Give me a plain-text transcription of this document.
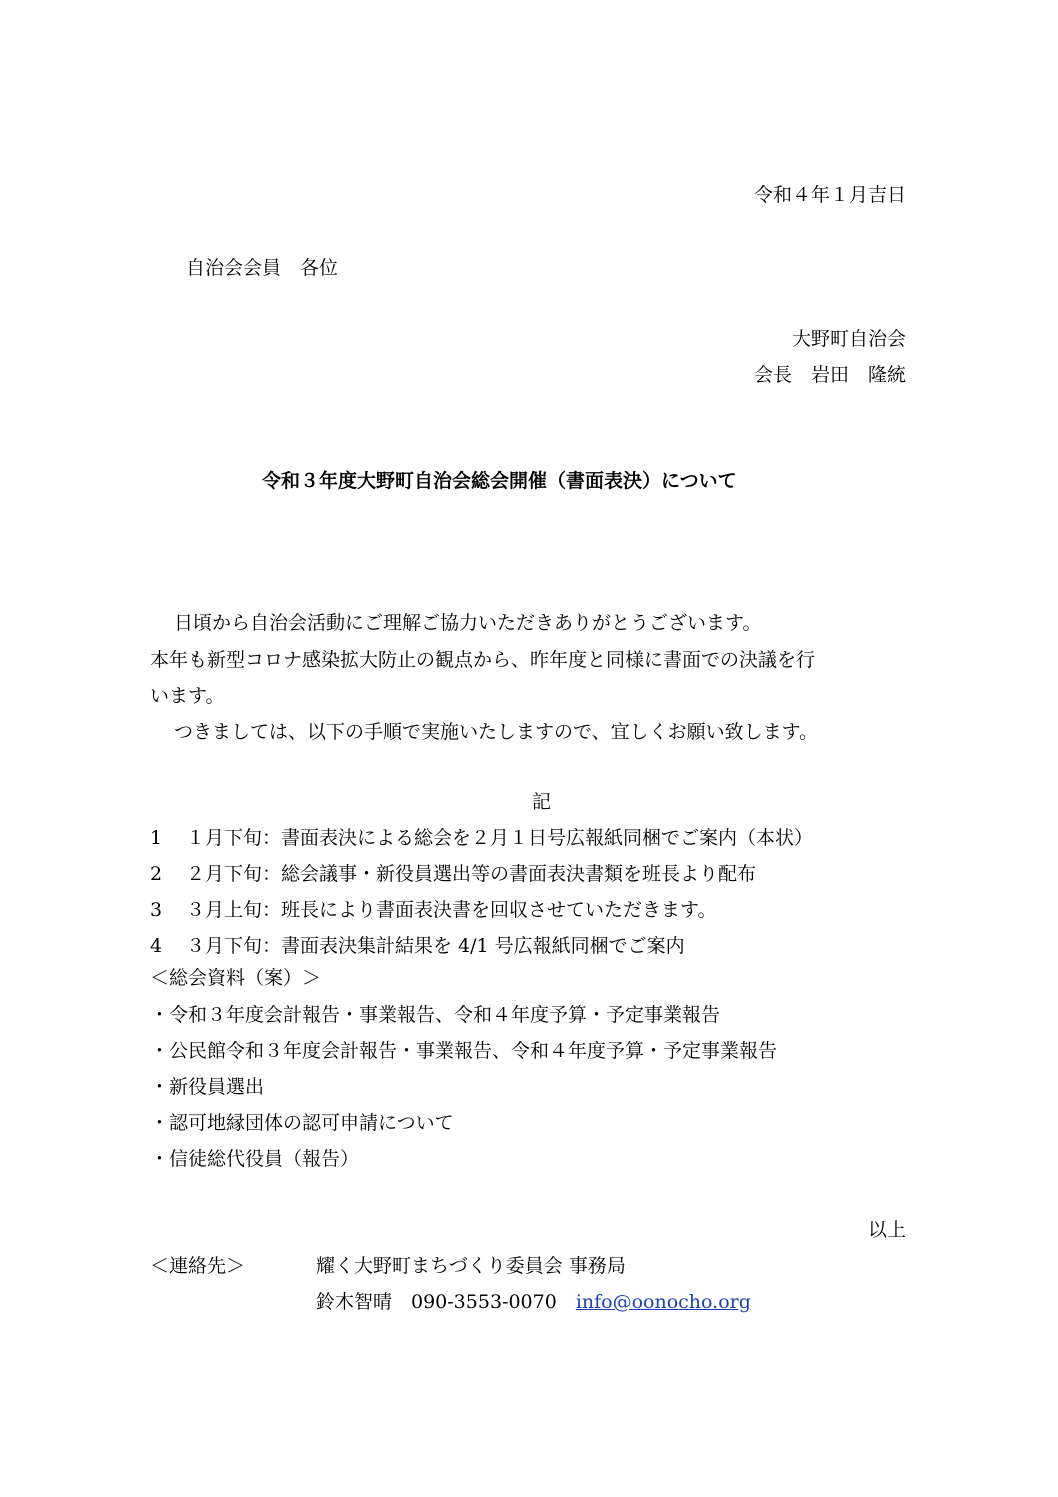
令和４年１月吉日
自治会会員　各位
大野町自治会
会長　岩田　隆統
令和３年度大野町自治会総会開催（書面表決）について
日頃から自治会活動にご理解ご協力いただきありがとうございます。
本年も新型コロナ感染拡大防止の観点から、昨年度と同様に書面での決議を行
います。
つきましては、以下の手順で実施いたしますので、宜しくお願い致します。
記
1 １月下旬：書面表決による総会を２月１日号広報紙同梱でご案内（本状）
2 ２月下旬：総会議事・新役員選出等の書面表決書類を班長より配布
3 ３月上旬：班長により書面表決書を回収させていただきます。
4 ３月下旬：書面表決集計結果を 4/1 号広報紙同梱でご案内
＜総会資料（案）＞
・令和３年度会計報告・事業報告、令和４年度予算・予定事業報告
・公民館令和３年度会計報告・事業報告、令和４年度予算・予定事業報告
・新役員選出
・認可地縁団体の認可申請について
・信徒総代役員（報告）
以上
＜連絡先＞	耀く大野町まちづくり委員会 事務局
鈴木智晴　090-3553-0070　 info@oonocho.org
